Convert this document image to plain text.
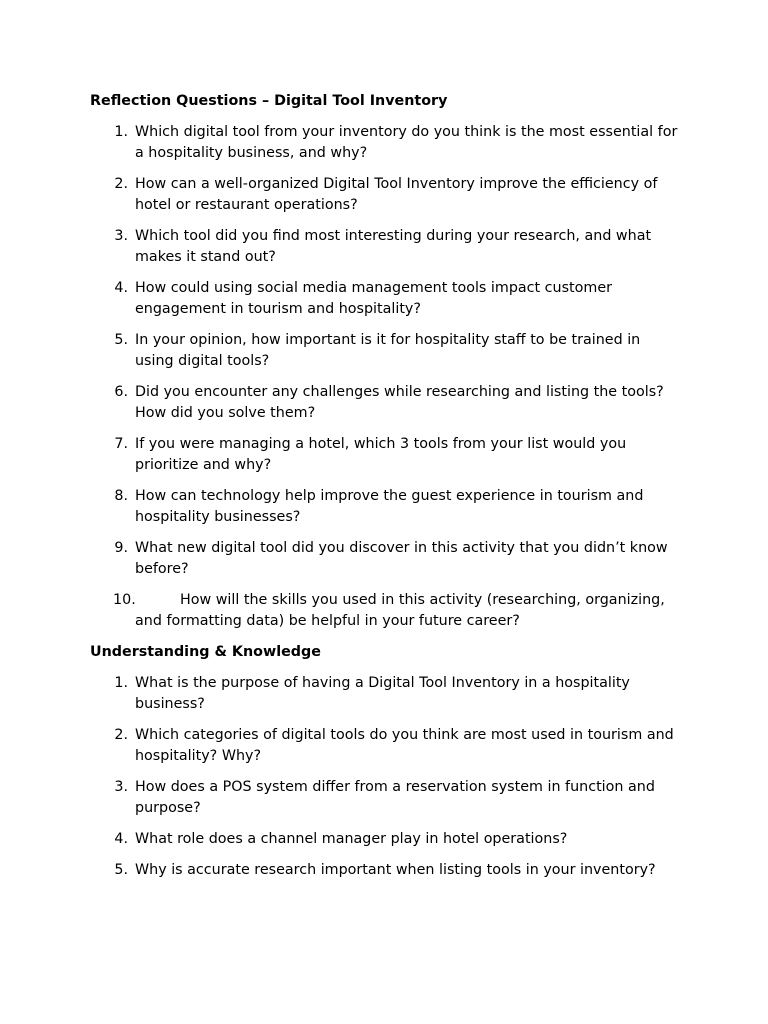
Reflection Questions – Digital Tool Inventory
1. Which digital tool from your inventory do you think is the most essential for a hospitality business, and why?
2. How can a well-organized Digital Tool Inventory improve the efficiency of hotel or restaurant operations?
3. Which tool did you find most interesting during your research, and what makes it stand out?
4. How could using social media management tools impact customer engagement in tourism and hospitality?
5. In your opinion, how important is it for hospitality staff to be trained in using digital tools?
6. Did you encounter any challenges while researching and listing the tools? How did you solve them?
7. If you were managing a hotel, which 3 tools from your list would you prioritize and why?
8. How can technology help improve the guest experience in tourism and hospitality businesses?
9. What new digital tool did you discover in this activity that you didn’t know before?
10.	How will the skills you used in this activity (researching, organizing, and formatting data) be helpful in your future career?
Understanding & Knowledge
1. What is the purpose of having a Digital Tool Inventory in a hospitality business?
2. Which categories of digital tools do you think are most used in tourism and hospitality? Why?
3. How does a POS system differ from a reservation system in function and purpose?
4. What role does a channel manager play in hotel operations?
5. Why is accurate research important when listing tools in your inventory?
